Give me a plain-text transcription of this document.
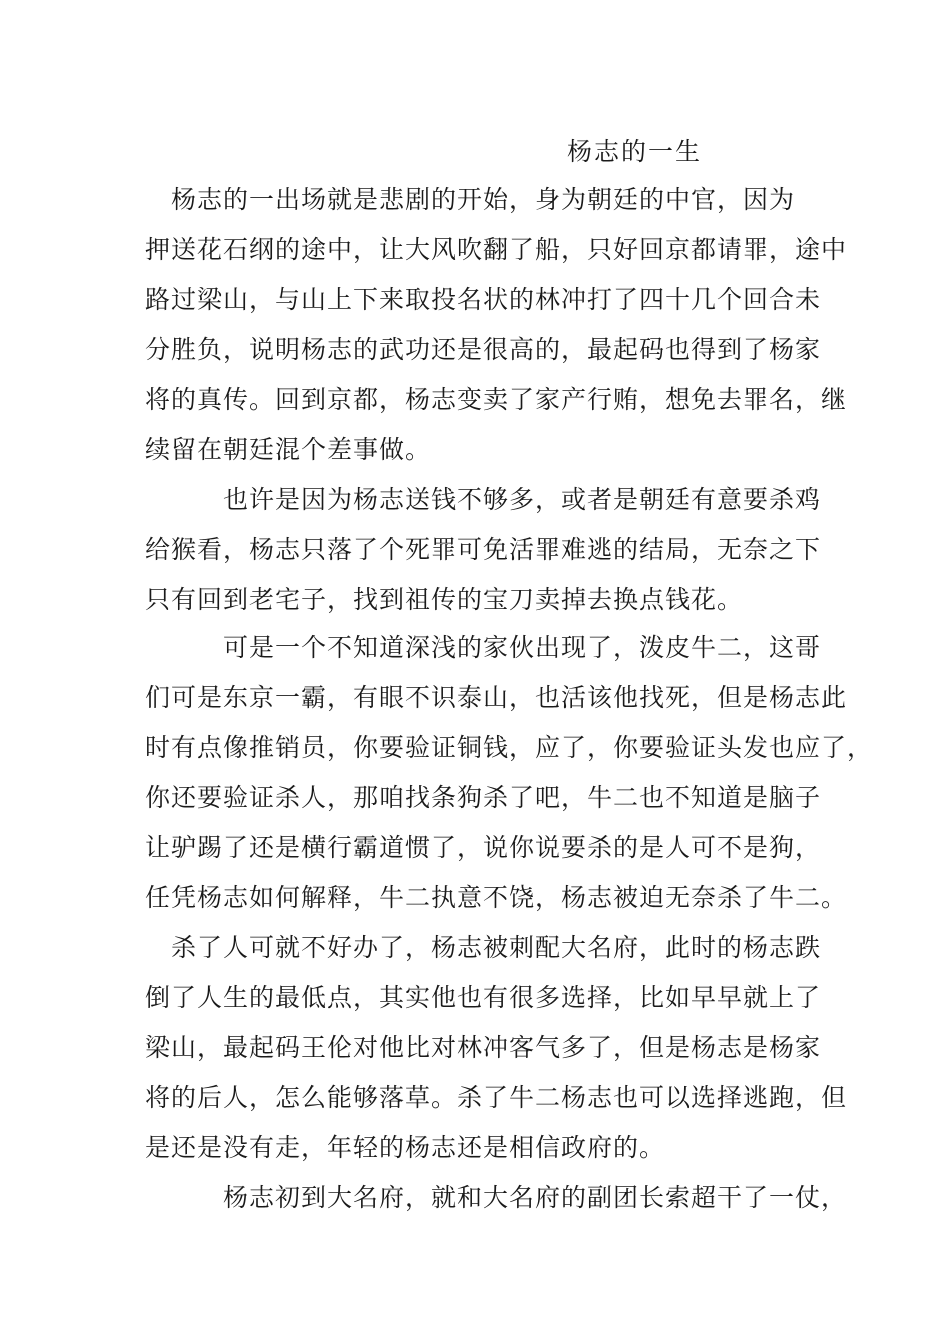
杨志的一生
　杨志的一出场就是悲剧的开始，身为朝廷的中官，因为
押送花石纲的途中，让大风吹翻了船，只好回京都请罪，途中
路过梁山，与山上下来取投名状的林冲打了四十几个回合未
分胜负，说明杨志的武功还是很高的，最起码也得到了杨家
将的真传。回到京都，杨志变卖了家产行贿，想免去罪名，继
续留在朝廷混个差事做。
　　　也许是因为杨志送钱不够多，或者是朝廷有意要杀鸡
给猴看，杨志只落了个死罪可免活罪难逃的结局，无奈之下
只有回到老宅子，找到祖传的宝刀卖掉去换点钱花。
　　　可是一个不知道深浅的家伙出现了，泼皮牛二，这哥
们可是东京一霸，有眼不识泰山，也活该他找死，但是杨志此
时有点像推销员，你要验证铜钱，应了，你要验证头发也应了，
你还要验证杀人，那咱找条狗杀了吧，牛二也不知道是脑子
让驴踢了还是横行霸道惯了，说你说要杀的是人可不是狗，
任凭杨志如何解释，牛二执意不饶，杨志被迫无奈杀了牛二。
　杀了人可就不好办了，杨志被刺配大名府，此时的杨志跌
倒了人生的最低点，其实他也有很多选择，比如早早就上了
梁山，最起码王伦对他比对林冲客气多了，但是杨志是杨家
将的后人，怎么能够落草。杀了牛二杨志也可以选择逃跑，但
是还是没有走，年轻的杨志还是相信政府的。
　　　杨志初到大名府，就和大名府的副团长索超干了一仗，
